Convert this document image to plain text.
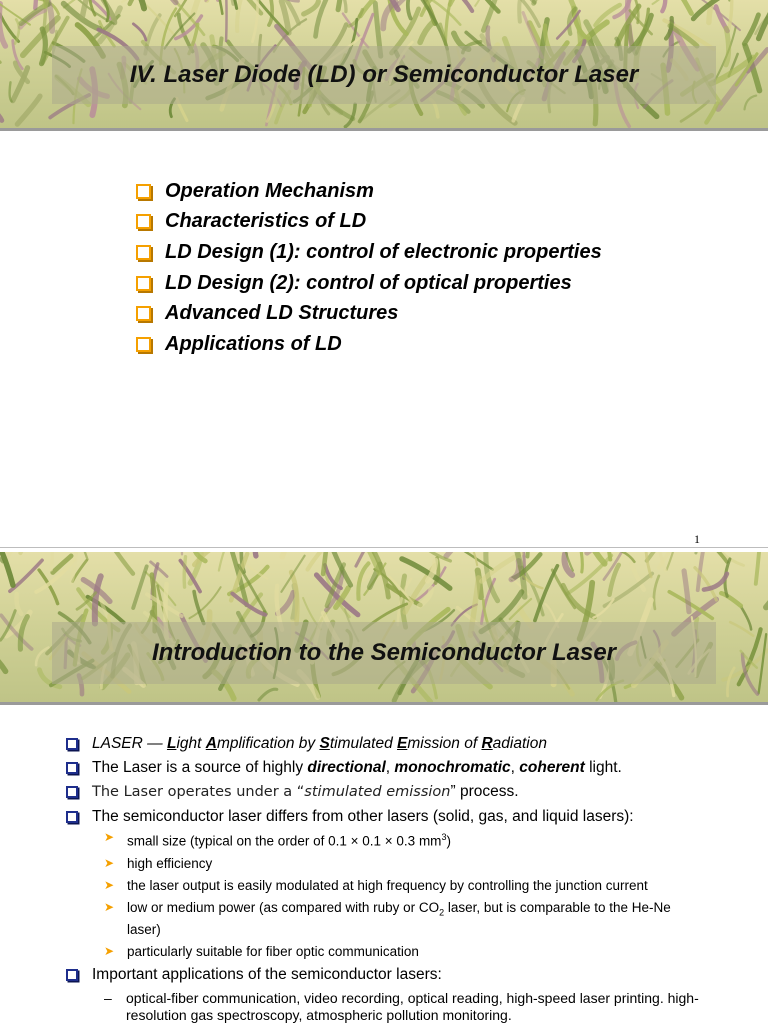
IV. Laser Diode (LD) or Semiconductor Laser
Operation Mechanism
Characteristics of LD
LD Design (1): control of electronic properties
LD Design (2): control of optical properties
Advanced LD Structures
Applications of LD
1
Introduction to the Semiconductor Laser
LASER — Light Amplification by Stimulated Emission of Radiation
The Laser is a source of highly directional, monochromatic, coherent light.
The Laser operates under a “stimulated emission” process.
The semiconductor laser differs from other lasers (solid, gas, and liquid lasers):
➤ small size (typical on the order of 0.1 × 0.1 × 0.3 $mm^3$)
➤ high efficiency
➤ the laser output is easily modulated at high frequency by controlling the junction current
➤ low or medium power (as compared with ruby or $CO_2$ laser, but is comparable to the He-Ne laser)
➤ particularly suitable for fiber optic communication
Important applications of the semiconductor lasers:
–	optical-fiber communication, video recording, optical reading, high-speed laser printing. high-resolution gas spectroscopy, atmospheric pollution monitoring.
